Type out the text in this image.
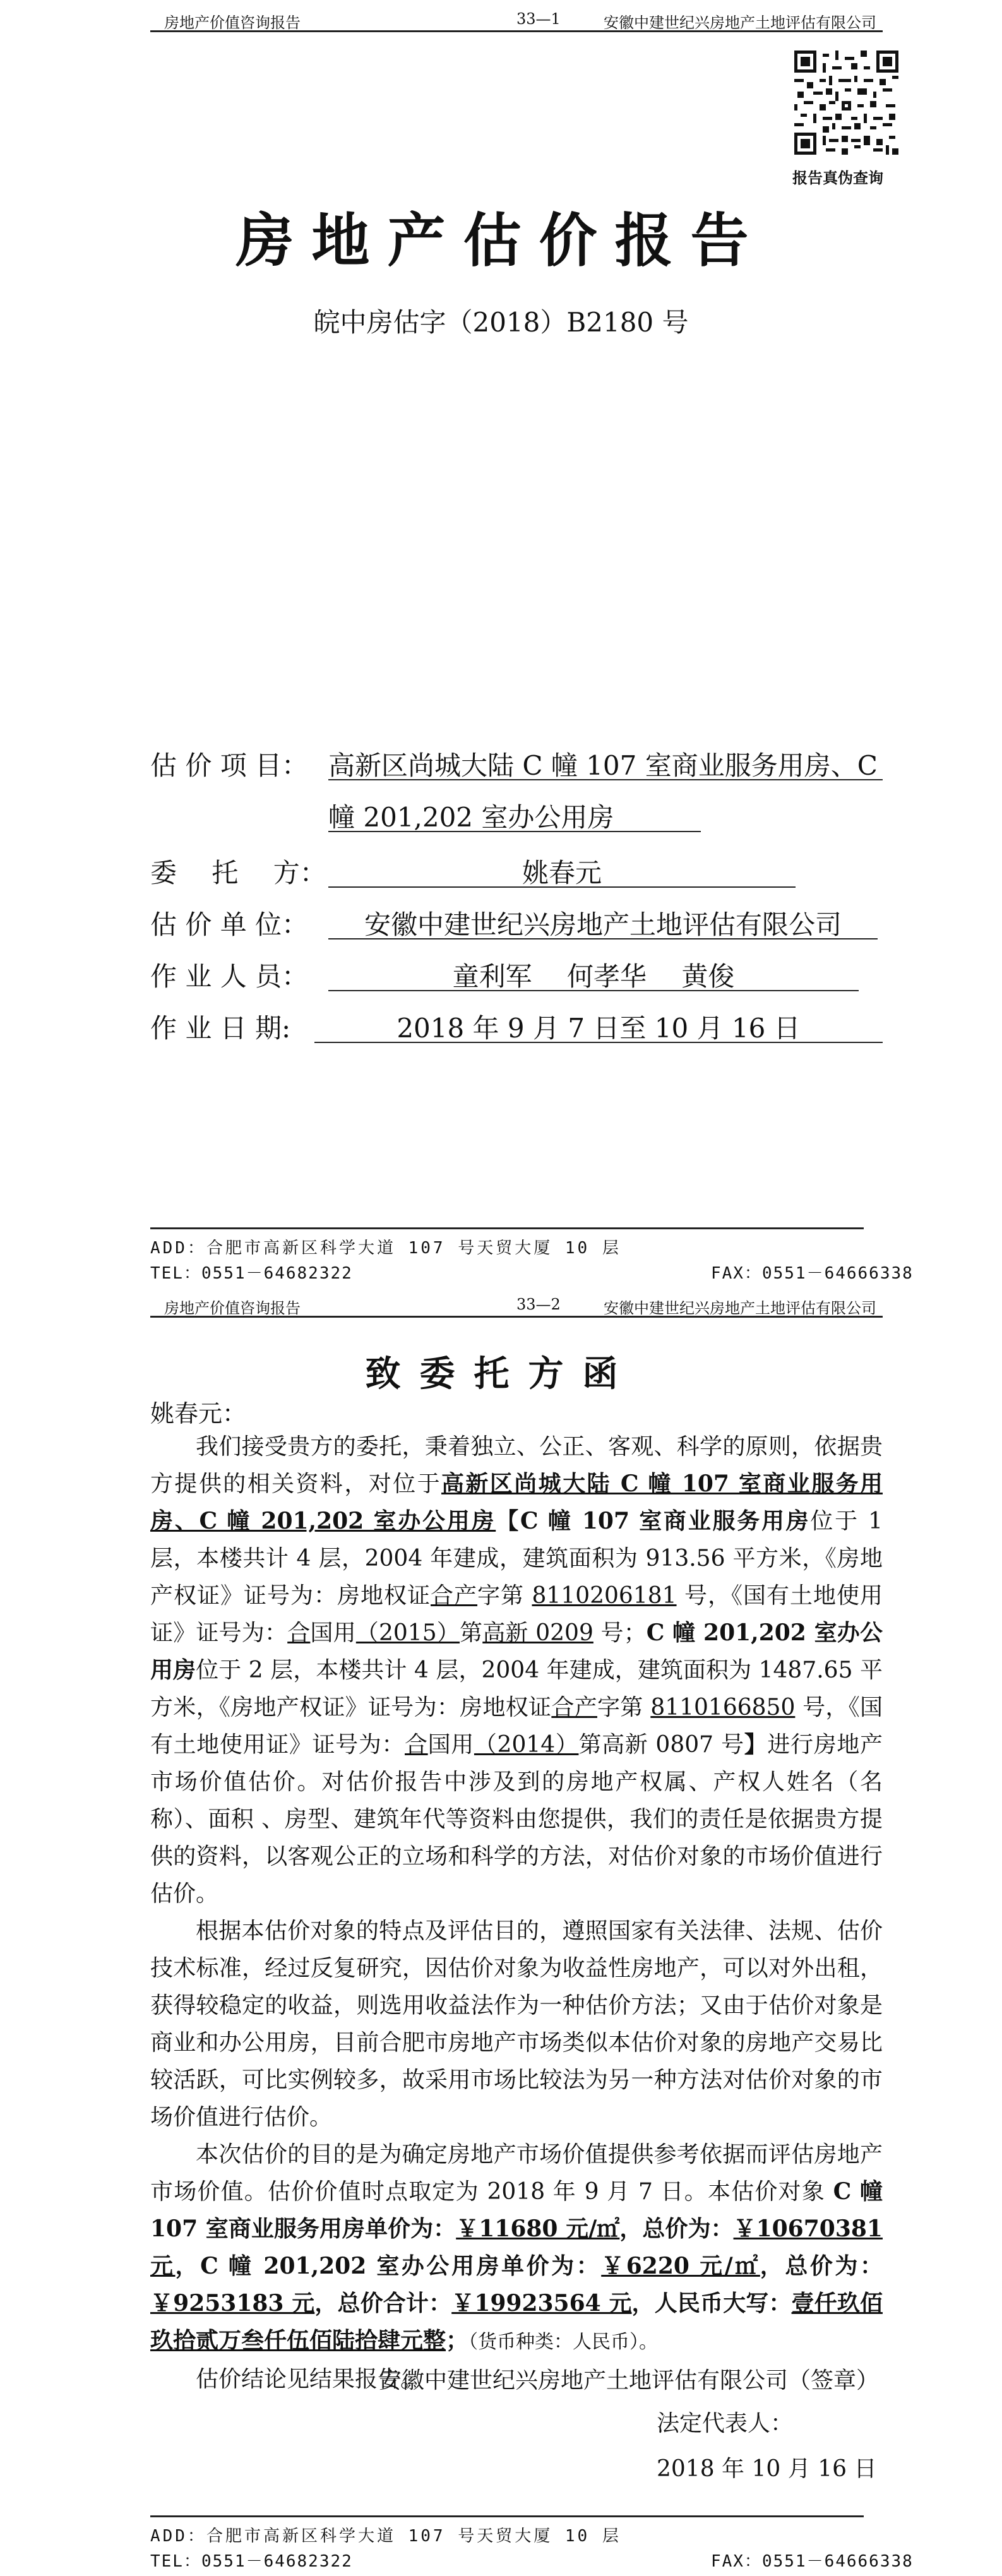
房地产价值咨询报告	33—1	安徽中建世纪兴房地产土地评估有限公司
报告真伪查询
房地产估价报告
皖中房估字（2018）B2180 号
估 价 项 目： 高新区尚城大陆 C 幢 107 室商业服务用房、C
幢 201,202 室办公用房
委　 托　 方：	姚春元
估 价 单 位：	安徽中建世纪兴房地产土地评估有限公司
作 业 人 员：	童利军　 何孝华　 黄俊
作 业 日 期:	2018 年 9 月 7 日至 10 月 16 日
ADD：合肥市高新区科学大道 107 号天贸大厦 10 层
TEL：0551－64682322	FAX：0551－64666338
房地产价值咨询报告	33—2	安徽中建世纪兴房地产土地评估有限公司
致委托方函
姚春元：

我们接受贵方的委托，秉着独立、公正、客观、科学的原则，依据贵方提供的相关资料，对位于高新区尚城大陆 C 幢 107 室商业服务用房、C 幢 201,202 室办公用房【C 幢 107 室商业服务用房位于 1 层，本楼共计 4 层，2004 年建成，建筑面积为 913.56 平方米，《房地产权证》证号为：房地权证合产字第 8110206181 号，《国有土地使用证》证号为：合国用（2015）第高新 0209 号；C 幢 201,202 室办公用房位于 2 层，本楼共计 4 层，2004 年建成，建筑面积为 1487.65 平方米，《房地产权证》证号为：房地权证合产字第 8110166850 号，《国有土地使用证》证号为：合国用（2014）第高新 0807 号】进行房地产市场价值估价。对估价报告中涉及到的房地产权属、产权人姓名（名称）、面积 、房型、建筑年代等资料由您提供，我们的责任是依据贵方提供的资料，以客观公正的立场和科学的方法，对估价对象的市场价值进行估价。

根据本估价对象的特点及评估目的，遵照国家有关法律、法规、估价技术标准，经过反复研究，因估价对象为收益性房地产，可以对外出租，获得较稳定的收益，则选用收益法作为一种估价方法；又由于估价对象是商业和办公用房，目前合肥市房地产市场类似本估价对象的房地产交易比较活跃，可比实例较多，故采用市场比较法为另一种方法对估价对象的市场价值进行估价。

本次估价的目的是为确定房地产市场价值提供参考依据而评估房地产市场价值。估价价值时点取定为 2018 年 9 月 7 日。本估价对象 C 幢 107 室商业服务用房单价为：￥11680 元/㎡，总价为：￥10670381 元，C 幢 201,202 室办公用房单价为：￥6220 元/㎡，总价为：￥9253183 元，总价合计：￥19923564 元，人民币大写：壹仟玖佰玖拾贰万叁仟伍佰陆拾肆元整；（货币种类：人民币）。

估价结论见结果报告。

安徽中建世纪兴房地产土地评估有限公司（签章）
法定代表人：
2018 年 10 月 16 日
ADD：合肥市高新区科学大道 107 号天贸大厦 10 层
TEL：0551－64682322	FAX：0551－64666338
